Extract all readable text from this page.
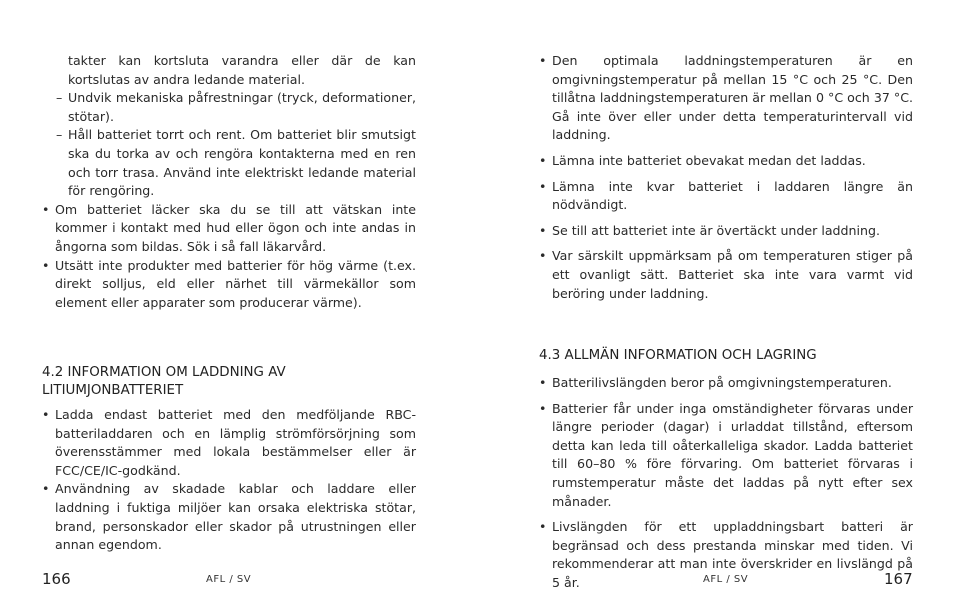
takter kan kortsluta varandra eller där de kan kortslutas av andra ledande material.
– Undvik mekaniska påfrestningar (tryck, deformationer, stötar).
– Håll batteriet torrt och rent. Om batteriet blir smutsigt ska du torka av och rengöra kontakterna med en ren och torr trasa. Använd inte elektriskt ledande material för rengöring.
• Om batteriet läcker ska du se till att vätskan inte kommer i kontakt med hud eller ögon och inte andas in ångorna som bildas. Sök i så fall läkarvård.
• Utsätt inte produkter med batterier för hög värme (t.ex. direkt solljus, eld eller närhet till värmekällor som element eller apparater som producerar värme).
4.2 INFORMATION OM LADDNING AV
LITIUMJONBATTERIET
• Ladda endast batteriet med den medföljande RBC-batteriladdaren och en lämplig strömförsörjning som överensstämmer med lokala bestämmelser eller är FCC/CE/IC-godkänd.
• Användning av skadade kablar och laddare eller laddning i fuktiga miljöer kan orsaka elektriska stötar, brand, personskador eller skador på utrustningen eller annan egendom.
166	AFL / SV
• Den optimala laddningstemperaturen är en omgivningstemperatur på mellan 15 °C och 25 °C. Den tillåtna laddningstemperaturen är mellan 0 °C och 37 °C. Gå inte över eller under detta temperaturintervall vid laddning.
• Lämna inte batteriet obevakat medan det laddas.
• Lämna inte kvar batteriet i laddaren längre än nödvändigt.
• Se till att batteriet inte är övertäckt under laddning.
• Var särskilt uppmärksam på om temperaturen stiger på ett ovanligt sätt. Batteriet ska inte vara varmt vid beröring under laddning.
4.3 ALLMÄN INFORMATION OCH LAGRING
• Batterilivslängden beror på omgivningstemperaturen.
• Batterier får under inga omständigheter förvaras under längre perioder (dagar) i urladdat tillstånd, eftersom detta kan leda till oåterkalleliga skador. Ladda batteriet till 60–80 % före förvaring. Om batteriet förvaras i rumstemperatur måste det laddas på nytt efter sex månader.
• Livslängden för ett uppladdningsbart batteri är begränsad och dess prestanda minskar med tiden. Vi rekommenderar att man inte överskrider en livslängd på 5 år.	AFL / SV	167
